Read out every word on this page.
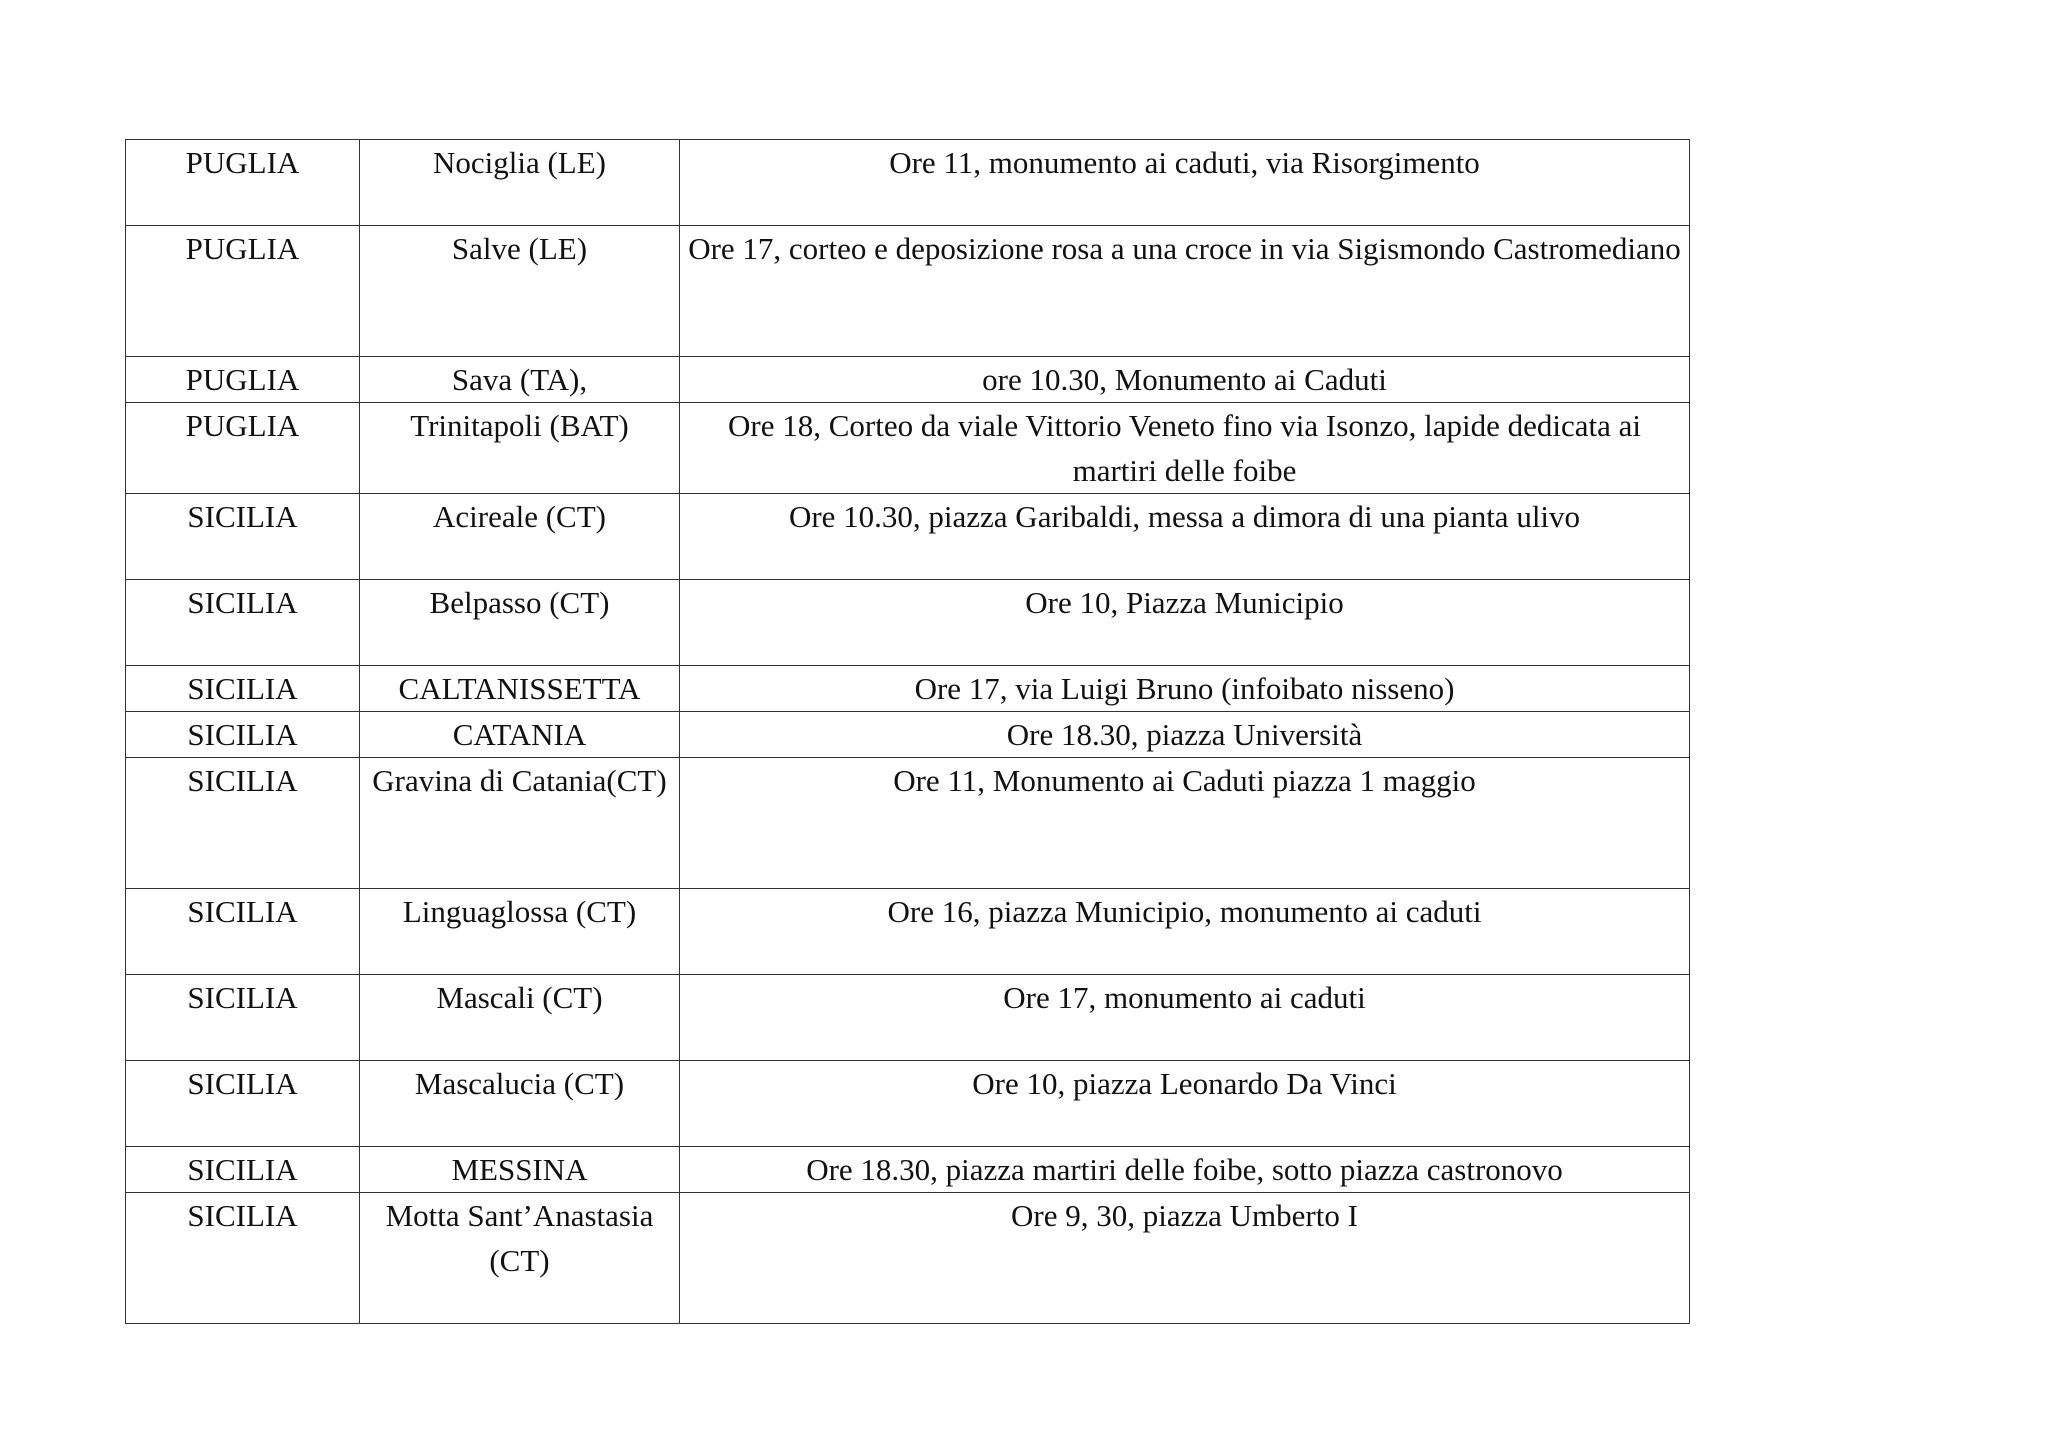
PUGLIA	Nociglia (LE)	Ore 11, monumento ai caduti, via Risorgimento

PUGLIA	Salve (LE)	Ore 17, corteo e deposizione rosa a una croce in via Sigismondo Castromediano

PUGLIA	Sava (TA),	ore 10.30, Monumento ai Caduti

PUGLIA	Trinitapoli (BAT)	Ore 18, Corteo da viale Vittorio Veneto fino via Isonzo, lapide dedicata ai martiri delle foibe

SICILIA	Acireale (CT)	Ore 10.30, piazza Garibaldi, messa a dimora di una pianta ulivo

SICILIA	Belpasso (CT)	Ore 10, Piazza Municipio

SICILIA	CALTANISSETTA	Ore 17, via Luigi Bruno (infoibato nisseno)

SICILIA	CATANIA	Ore 18.30, piazza Università

SICILIA	Gravina di Catania(CT)	Ore 11, Monumento ai Caduti piazza 1 maggio

SICILIA	Linguaglossa (CT)	Ore 16, piazza Municipio, monumento ai caduti

SICILIA	Mascali (CT)	Ore 17, monumento ai caduti

SICILIA	Mascalucia (CT)	Ore 10, piazza Leonardo Da Vinci

SICILIA	MESSINA	Ore 18.30, piazza martiri delle foibe, sotto piazza castronovo

SICILIA	Motta Sant’Anastasia (CT)	Ore 9, 30, piazza Umberto I
